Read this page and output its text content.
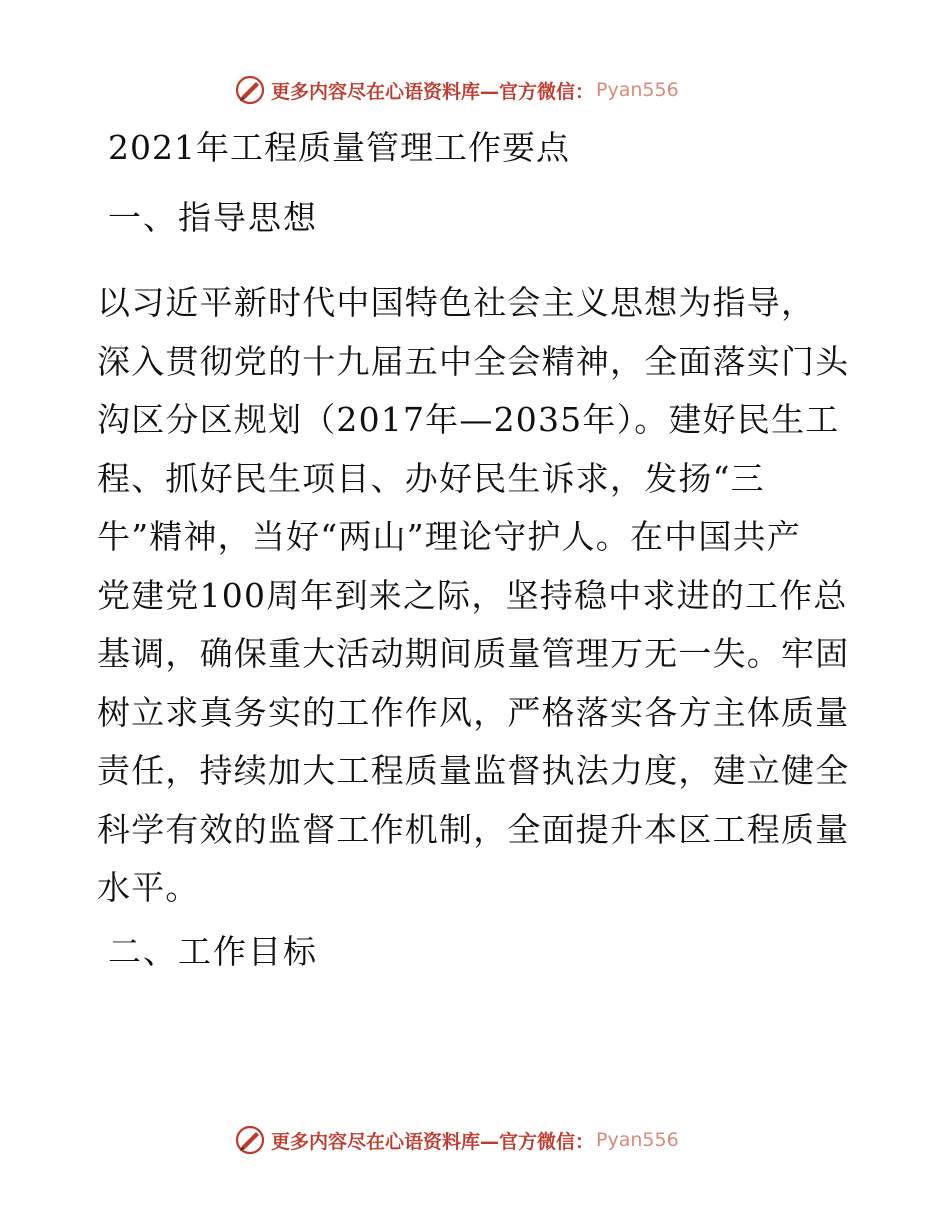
更多内容尽在心语资料库—官方微信： Pyan556
2021年工程质量管理工作要点
一、指导思想
以习近平新时代中国特色社会主义思想为指导，
深入贯彻党的十九届五中全会精神，全面落实门头
沟区分区规划（2017年—2035年）。建好民生工
程、抓好民生项目、办好民生诉求，发扬“三
牛”精神，当好“两山”理论守护人。在中国共产
党建党100周年到来之际，坚持稳中求进的工作总
基调，确保重大活动期间质量管理万无一失。牢固
树立求真务实的工作作风，严格落实各方主体质量
责任，持续加大工程质量监督执法力度，建立健全
科学有效的监督工作机制，全面提升本区工程质量
水平。
二、工作目标
更多内容尽在心语资料库—官方微信： Pyan556
